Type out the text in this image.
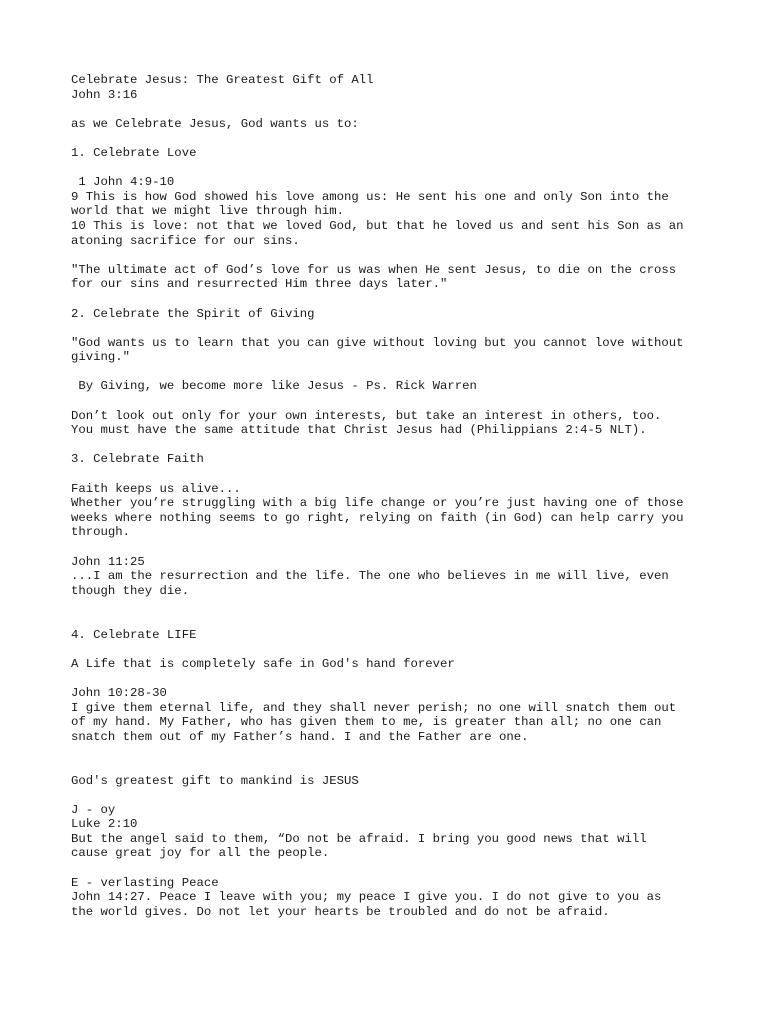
Celebrate Jesus: The Greatest Gift of All
John 3:16
as we Celebrate Jesus, God wants us to:
1. Celebrate Love
1 John 4:9-10
9 This is how God showed his love among us: He sent his one and only Son into the
world that we might live through him.
10 This is love: not that we loved God, but that he loved us and sent his Son as an
atoning sacrifice for our sins.
"The ultimate act of God’s love for us was when He sent Jesus, to die on the cross
for our sins and resurrected Him three days later."
2. Celebrate the Spirit of Giving
"God wants us to learn that you can give without loving but you cannot love without
giving."
By Giving, we become more like Jesus - Ps. Rick Warren
Don’t look out only for your own interests, but take an interest in others, too.
You must have the same attitude that Christ Jesus had (Philippians 2:4-5 NLT).
3. Celebrate Faith
Faith keeps us alive...
Whether you’re struggling with a big life change or you’re just having one of those
weeks where nothing seems to go right, relying on faith (in God) can help carry you
through.
John 11:25
...I am the resurrection and the life. The one who believes in me will live, even
though they die.
4. Celebrate LIFE
A Life that is completely safe in God's hand forever
John 10:28-30
I give them eternal life, and they shall never perish; no one will snatch them out
of my hand. My Father, who has given them to me, is greater than all; no one can
snatch them out of my Father’s hand. I and the Father are one.
God's greatest gift to mankind is JESUS
J - oy
Luke 2:10
But the angel said to them, “Do not be afraid. I bring you good news that will
cause great joy for all the people.
E - verlasting Peace
John 14:27. Peace I leave with you; my peace I give you. I do not give to you as
the world gives. Do not let your hearts be troubled and do not be afraid.
